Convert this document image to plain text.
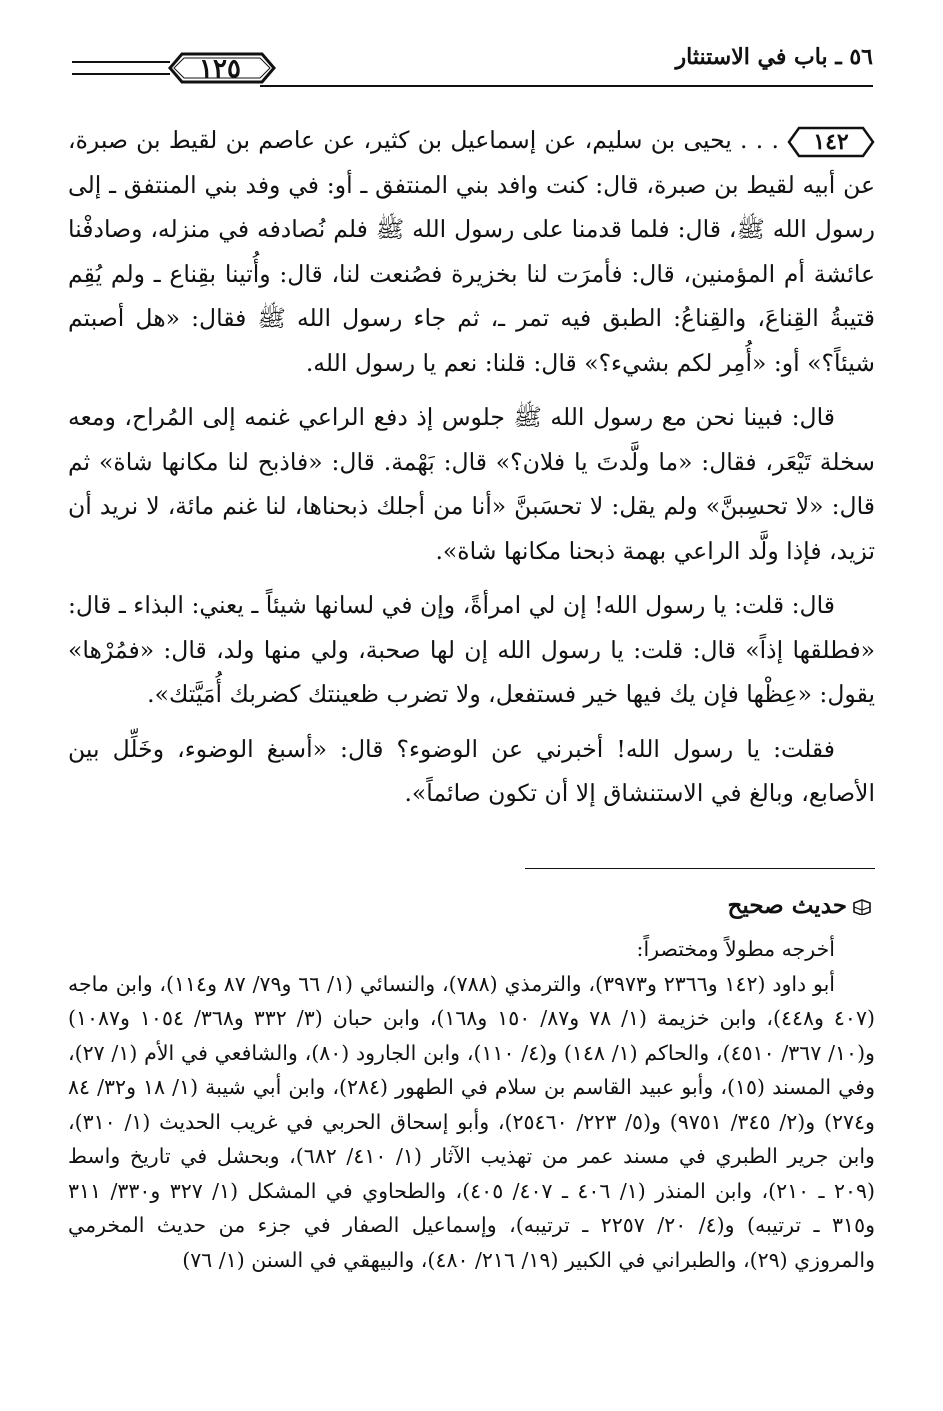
١٢٥	٥٦ ـ باب في الاستنثار

١٤٢
. . . يحيى بن سليم، عن إسماعيل بن كثير، عن عاصم بن لقيط بن صبرة، عن أبيه لقيط بن صبرة، قال: كنت وافد بني المنتفق ـ أو: في وفد بني المنتفق ـ إلى رسول الله ﷺ، قال: فلما قدمنا على رسول الله ﷺ فلم نُصادفه في منزله، وصادفْنا عائشة أم المؤمنين، قال: فأمرَت لنا بخزيرة فصُنعت لنا، قال: وأُتينا بقِناع ـ ولم يُقِم قتيبةُ القِناعَ، والقِناعُ: الطبق فيه تمر ـ، ثم جاء رسول الله ﷺ فقال: «هل أصبتم شيئاً؟» أو: «أُمِر لكم بشيء؟» قال: قلنا: نعم يا رسول الله.

قال: فبينا نحن مع رسول الله ﷺ جلوس إذ دفع الراعي غنمه إلى المُراح، ومعه سخلة تَيْعَر، فقال: «ما ولَّدتَ يا فلان؟» قال: بَهْمة. قال: «فاذبح لنا مكانها شاة» ثم قال: «لا تحسِبنَّ» ولم يقل: لا تحسَبنَّ «أنا من أجلك ذبحناها، لنا غنم مائة، لا نريد أن تزيد، فإذا ولَّد الراعي بهمة ذبحنا مكانها شاة».

قال: قلت: يا رسول الله! إن لي امرأةً، وإن في لسانها شيئاً ـ يعني: البذاء ـ قال: «فطلقها إذاً» قال: قلت: يا رسول الله إن لها صحبة، ولي منها ولد، قال: «فمُرْها» يقول: «عِظْها فإن يك فيها خير فستفعل، ولا تضرب ظعينتك كضربك أُمَيَّتك».

فقلت: يا رسول الله! أخبرني عن الوضوء؟ قال: «أسبغ الوضوء، وخَلِّل بين الأصابع، وبالغ في الاستنشاق إلا أن تكون صائماً».

حديث صحيح

أخرجه مطولاً ومختصراً:

أبو داود (١٤٢ و٢٣٦٦ و٣٩٧٣)، والترمذي (٧٨٨)، والنسائي (١/ ٦٦ و٧٩/ ٨٧ و١١٤)، وابن ماجه (٤٠٧ و٤٤٨)، وابن خزيمة (١/ ٧٨ و٨٧/ ١٥٠ و١٦٨)، وابن حبان (٣/ ٣٣٢ و٣٦٨/ ١٠٥٤ و١٠٨٧) و(١٠/ ٣٦٧/ ٤٥١٠)، والحاكم (١/ ١٤٨) و(٤/ ١١٠)، وابن الجارود (٨٠)، والشافعي في الأم (١/ ٢٧)، وفي المسند (١٥)، وأبو عبيد القاسم بن سلام في الطهور (٢٨٤)، وابن أبي شيبة (١/ ١٨ و٣٢/ ٨٤ و٢٧٤) و(٢/ ٣٤٥/ ٩٧٥١) و(٥/ ٢٢٣/ ٢٥٤٦٠)، وأبو إسحاق الحربي في غريب الحديث (١/ ٣١٠)، وابن جرير الطبري في مسند عمر من تهذيب الآثار (١/ ٤١٠/ ٦٨٢)، وبحشل في تاريخ واسط (٢٠٩ ـ ٢١٠)، وابن المنذر (١/ ٤٠٦ ـ ٤٠٧/ ٤٠٥)، والطحاوي في المشكل (١/ ٣٢٧ و٣٣٠/ ٣١١ و٣١٥ ـ ترتيبه) و(٤/ ٢٠/ ٢٢٥٧ ـ ترتيبه)، وإسماعيل الصفار في جزء من حديث المخرمي والمروزي (٢٩)، والطبراني في الكبير (١٩/ ٢١٦/ ٤٨٠)، والبيهقي في السنن (١/ ٧٦)
